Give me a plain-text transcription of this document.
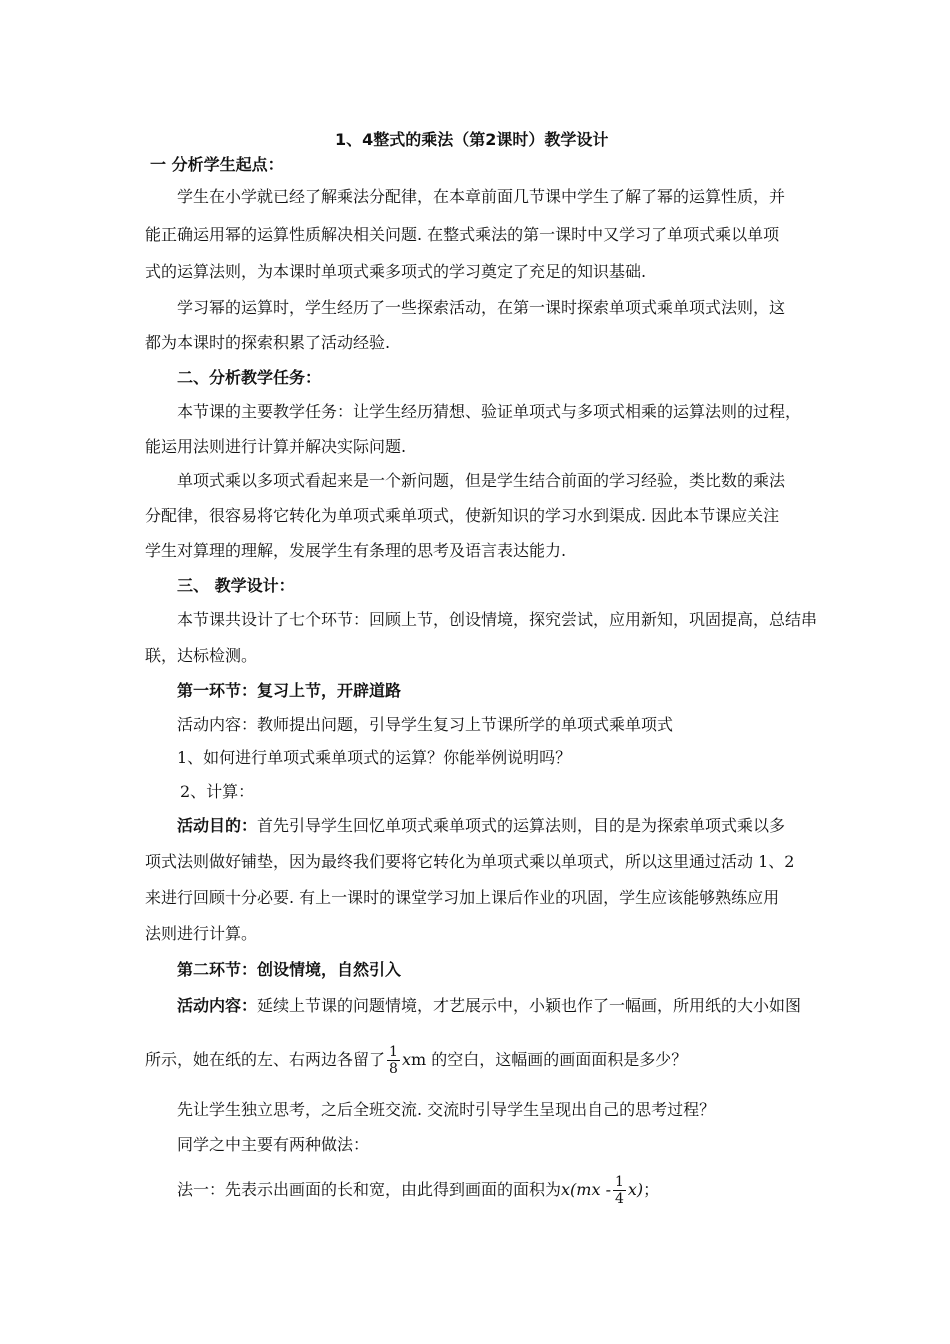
1、4整式的乘法（第2课时）教学设计
一 分析学生起点：
学生在小学就已经了解乘法分配律，在本章前面几节课中学生了解了幂的运算性质，并
能正确运用幂的运算性质解决相关问题. 在整式乘法的第一课时中又学习了单项式乘以单项
式的运算法则，为本课时单项式乘多项式的学习奠定了充足的知识基础.
学习幂的运算时，学生经历了一些探索活动，在第一课时探索单项式乘单项式法则，这
都为本课时的探索积累了活动经验.
二、分析教学任务：
本节课的主要教学任务：让学生经历猜想、验证单项式与多项式相乘的运算法则的过程，
能运用法则进行计算并解决实际问题.
单项式乘以多项式看起来是一个新问题，但是学生结合前面的学习经验，类比数的乘法
分配律，很容易将它转化为单项式乘单项式，使新知识的学习水到渠成. 因此本节课应关注
学生对算理的理解，发展学生有条理的思考及语言表达能力.
三、 教学设计：
本节课共设计了七个环节：回顾上节，创设情境，探究尝试，应用新知，巩固提高，总结串
联，达标检测。
第一环节：复习上节，开辟道路
活动内容：教师提出问题，引导学生复习上节课所学的单项式乘单项式
1、如何进行单项式乘单项式的运算？你能举例说明吗？
2、计算：
活动目的：首先引导学生回忆单项式乘单项式的运算法则，目的是为探索单项式乘以多
项式法则做好铺垫，因为最终我们要将它转化为单项式乘以单项式，所以这里通过活动 1、2
来进行回顾十分必要. 有上一课时的课堂学习加上课后作业的巩固，学生应该能够熟练应用
法则进行计算。
第二环节：创设情境，自然引入
活动内容：延续上节课的问题情境，才艺展示中，小颖也作了一幅画，所用纸的大小如图
所示，她在纸的左、右两边各留了 $\frac{1}{8}$ xm 的空白，这幅画的画面面积是多少？
先让学生独立思考，之后全班交流. 交流时引导学生呈现出自己的思考过程？
同学之中主要有两种做法：
法一：先表示出画面的长和宽，由此得到画面的面积为$x(mx - \frac{1}{4} x)$；
